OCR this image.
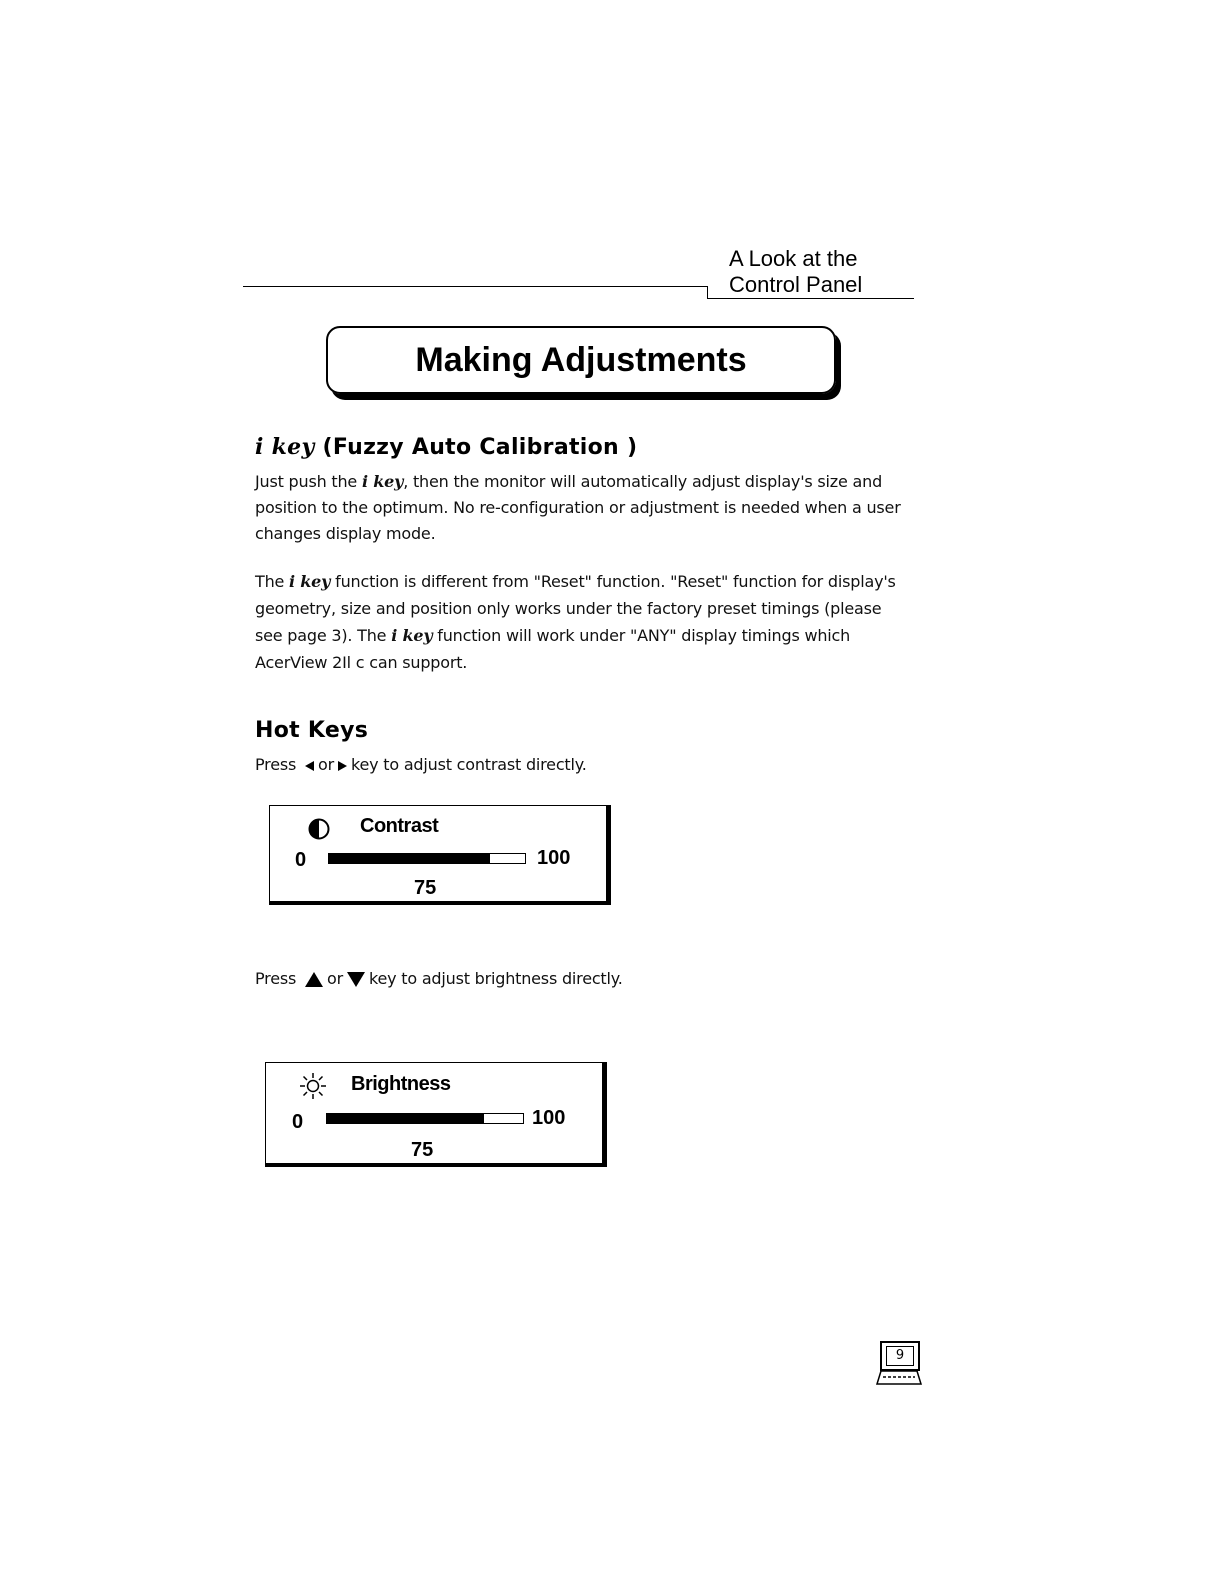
A Look at the
Control Panel
Making Adjustments
i key (Fuzzy Auto Calibration )
Just push the i key, then the monitor will automatically adjust display's size and position to the optimum. No re-configuration or adjustment is needed when a user changes display mode.
The i key function is different from "Reset" function. "Reset" function for display's geometry, size and position only works under the factory preset timings (please see page 3). The i key function will work under "ANY" display timings which AcerView 2Il c can support.
Hot Keys
Press or key to adjust contrast directly.
Contrast
0	100
75
Press or key to adjust brightness directly.
Brightness
0	100
75
9
